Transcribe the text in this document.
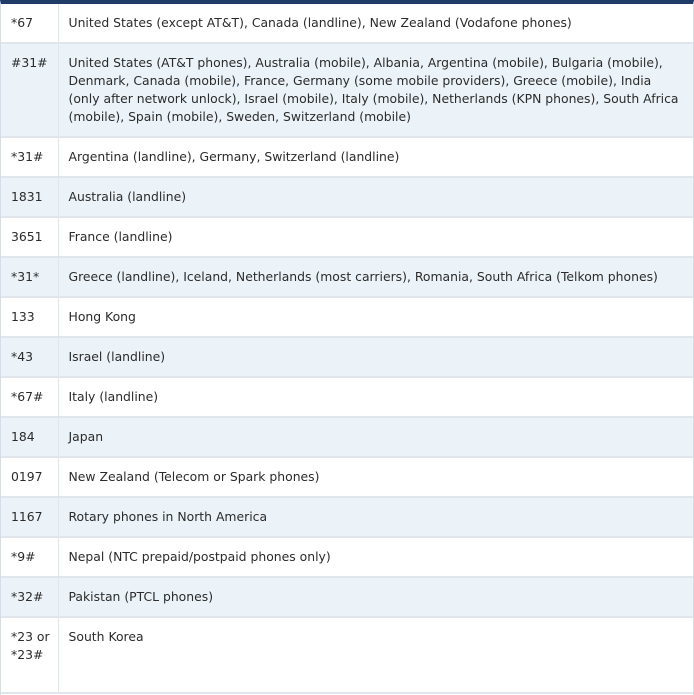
*67	United States (except AT&T), Canada (landline), New Zealand (Vodafone phones)
#31#	United States (AT&T phones), Australia (mobile), Albania, Argentina (mobile), Bulgaria (mobile), Denmark, Canada (mobile), France, Germany (some mobile providers), Greece (mobile), India (only after network unlock), Israel (mobile), Italy (mobile), Netherlands (KPN phones), South Africa (mobile), Spain (mobile), Sweden, Switzerland (mobile)
*31#	Argentina (landline), Germany, Switzerland (landline)
1831	Australia (landline)
3651	France (landline)
*31*	Greece (landline), Iceland, Netherlands (most carriers), Romania, South Africa (Telkom phones)
133	Hong Kong
*43	Israel (landline)
*67#	Italy (landline)
184	Japan
0197	New Zealand (Telecom or Spark phones)
1167	Rotary phones in North America
*9#	Nepal (NTC prepaid/postpaid phones only)
*32#	Pakistan (PTCL phones)
*23 or *23#	South Korea
